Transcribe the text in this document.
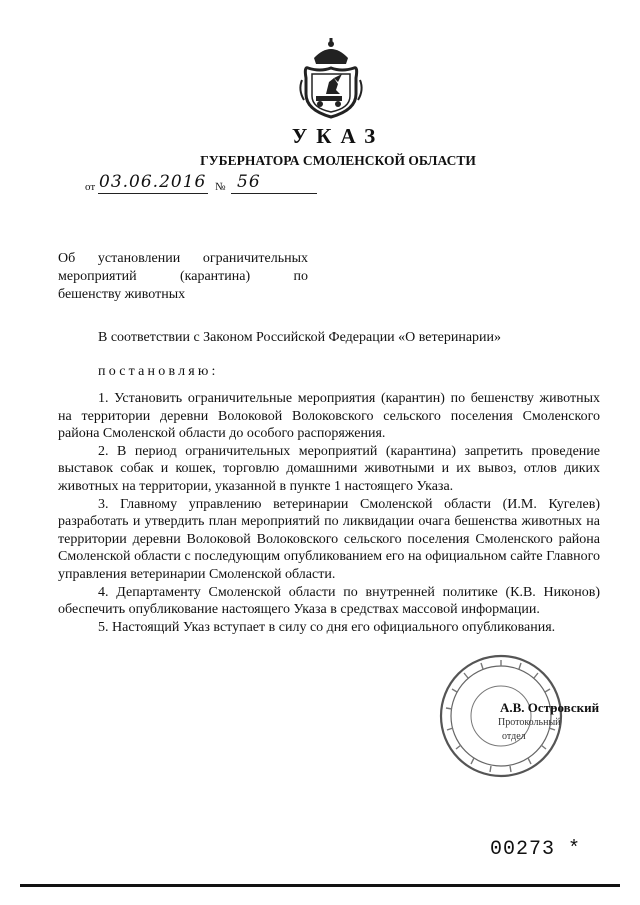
УКАЗ
ГУБЕРНАТОРА СМОЛЕНСКОЙ ОБЛАСТИ
от 03.06.2016 № 56
Об установлении ограничительных
мероприятий (карантина) по
бешенству животных
В соответствии с Законом Российской Федерации «О ветеринарии»
постановляю:

1. Установить ограничительные мероприятия (карантин) по бешенству животных на территории деревни Волоковой Волоковского сельского поселения Смоленского района Смоленской области до особого распоряжения.

2. В период ограничительных мероприятий (карантина) запретить проведение выставок собак и кошек, торговлю домашними животными и их вывоз, отлов диких животных на территории, указанной в пункте 1 настоящего Указа.

3. Главному управлению ветеринарии Смоленской области (И.М. Кугелев) разработать и утвердить план мероприятий по ликвидации очага бешенства животных на территории деревни Волоковой Волоковского сельского поселения Смоленского района Смоленской области с последующим опубликованием его на официальном сайте Главного управления ветеринарии Смоленской области.

4. Департаменту Смоленской области по внутренней политике (К.В. Никонов) обеспечить опубликование настоящего Указа в средствах массовой информации.

5. Настоящий Указ вступает в силу со дня его официального опубликования.

А.В. Островский
Протокольный
отдел
00273 *
